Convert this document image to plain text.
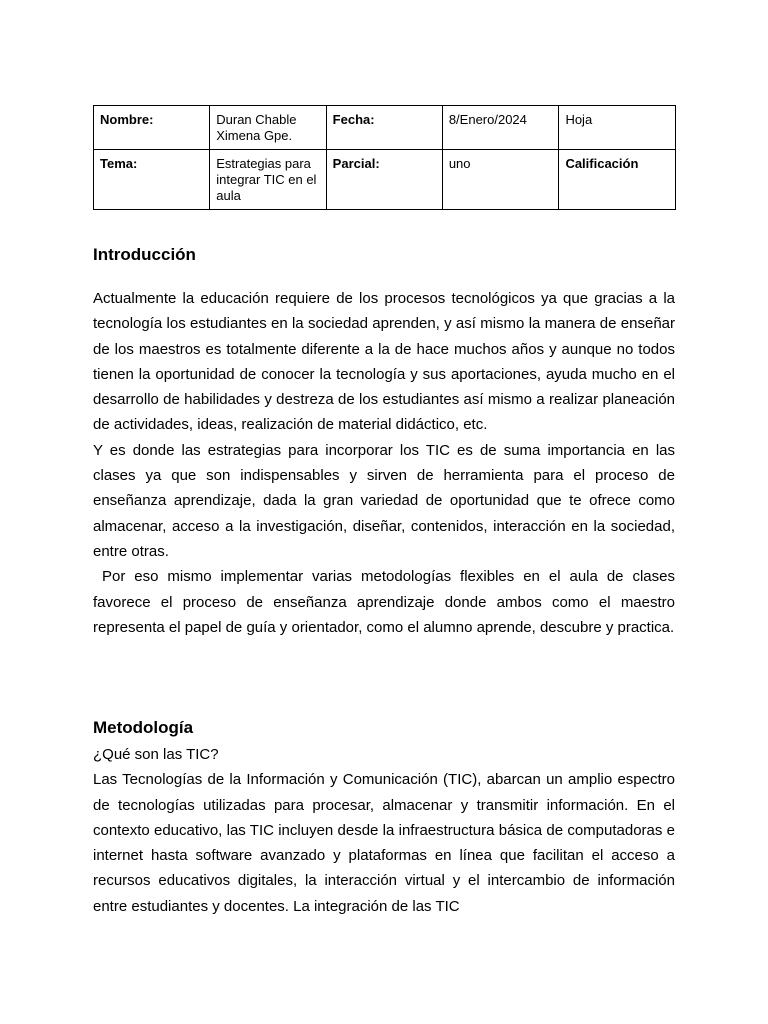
Nombre:	Duran Chable Ximena Gpe.	Fecha:	8/Enero/2024	Hoja
Tema:	Estrategias para integrar TIC en el aula	Parcial:	uno	Calificación
Introducción

Actualmente la educación requiere de los procesos tecnológicos ya que gracias a la tecnología los estudiantes en la sociedad aprenden, y así mismo la manera de enseñar de los maestros es totalmente diferente a la de hace muchos años y aunque no todos tienen la oportunidad de conocer la tecnología y sus aportaciones, ayuda mucho en el desarrollo de habilidades y destreza de los estudiantes así mismo a realizar planeación de actividades, ideas, realización de material didáctico, etc.

Y es donde las estrategias para incorporar los TIC es de suma importancia en las clases ya que son indispensables y sirven de herramienta para el proceso de enseñanza aprendizaje, dada la gran variedad de oportunidad que te ofrece como almacenar, acceso a la investigación, diseñar, contenidos, interacción en la sociedad, entre otras.

Por eso mismo implementar varias metodologías flexibles en el aula de clases favorece el proceso de enseñanza aprendizaje donde ambos como el maestro representa el papel de guía y orientador, como el alumno aprende, descubre y practica.

Metodología

¿Qué son las TIC?

Las Tecnologías de la Información y Comunicación (TIC), abarcan un amplio espectro de tecnologías utilizadas para procesar, almacenar y transmitir información. En el contexto educativo, las TIC incluyen desde la infraestructura básica de computadoras e internet hasta software avanzado y plataformas en línea que facilitan el acceso a recursos educativos digitales, la interacción virtual y el intercambio de información entre estudiantes y docentes. La integración de las TIC
